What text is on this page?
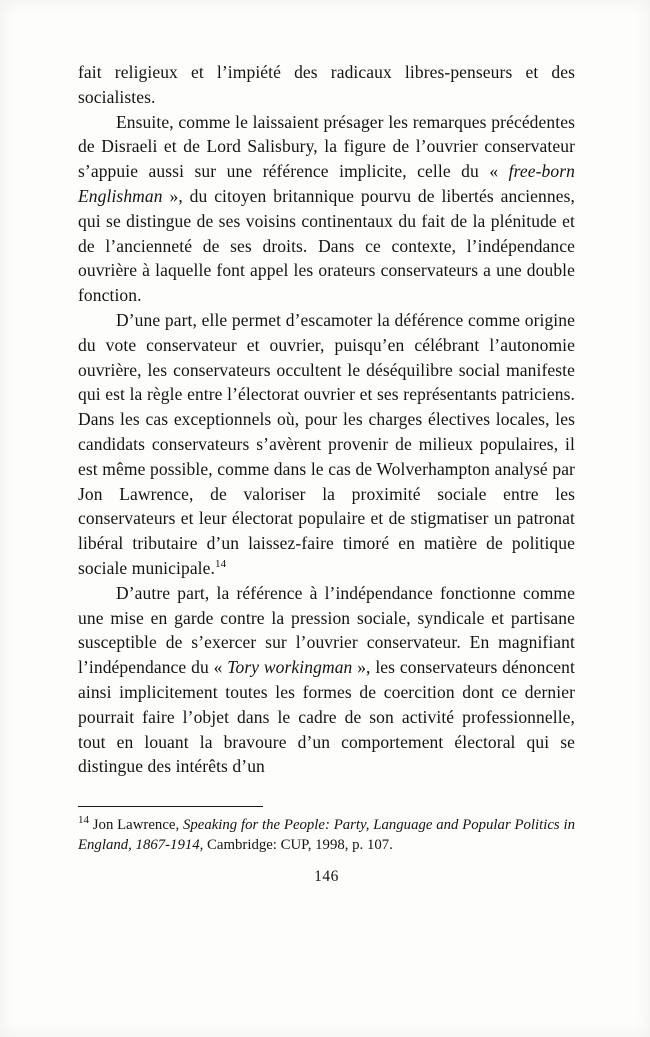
fait religieux et l’impiété des radicaux libres-penseurs et des socialistes.

Ensuite, comme le laissaient présager les remarques précédentes de Disraeli et de Lord Salisbury, la figure de l’ouvrier conservateur s’appuie aussi sur une référence implicite, celle du « free-born Englishman », du citoyen britannique pourvu de libertés anciennes, qui se distingue de ses voisins continentaux du fait de la plénitude et de l’ancienneté de ses droits. Dans ce contexte, l’indépendance ouvrière à laquelle font appel les orateurs conservateurs a une double fonction.

D’une part, elle permet d’escamoter la déférence comme origine du vote conservateur et ouvrier, puisqu’en célébrant l’autonomie ouvrière, les conservateurs occultent le déséquilibre social manifeste qui est la règle entre l’électorat ouvrier et ses représentants patriciens. Dans les cas exceptionnels où, pour les charges électives locales, les candidats conservateurs s’avèrent provenir de milieux populaires, il est même possible, comme dans le cas de Wolverhampton analysé par Jon Lawrence, de valoriser la proximité sociale entre les conservateurs et leur électorat populaire et de stigmatiser un patronat libéral tributaire d’un laissez-faire timoré en matière de politique sociale municipale.$^{14}$

D’autre part, la référence à l’indépendance fonctionne comme une mise en garde contre la pression sociale, syndicale et partisane susceptible de s’exercer sur l’ouvrier conservateur. En magnifiant l’indépendance du « Tory workingman », les conservateurs dénoncent ainsi implicitement toutes les formes de coercition dont ce dernier pourrait faire l’objet dans le cadre de son activité professionnelle, tout en louant la bravoure d’un comportement électoral qui se distingue des intérêts d’un

$^{14}$ Jon Lawrence, Speaking for the People: Party, Language and Popular Politics in England, 1867-1914, Cambridge: CUP, 1998, p. 107.

146
